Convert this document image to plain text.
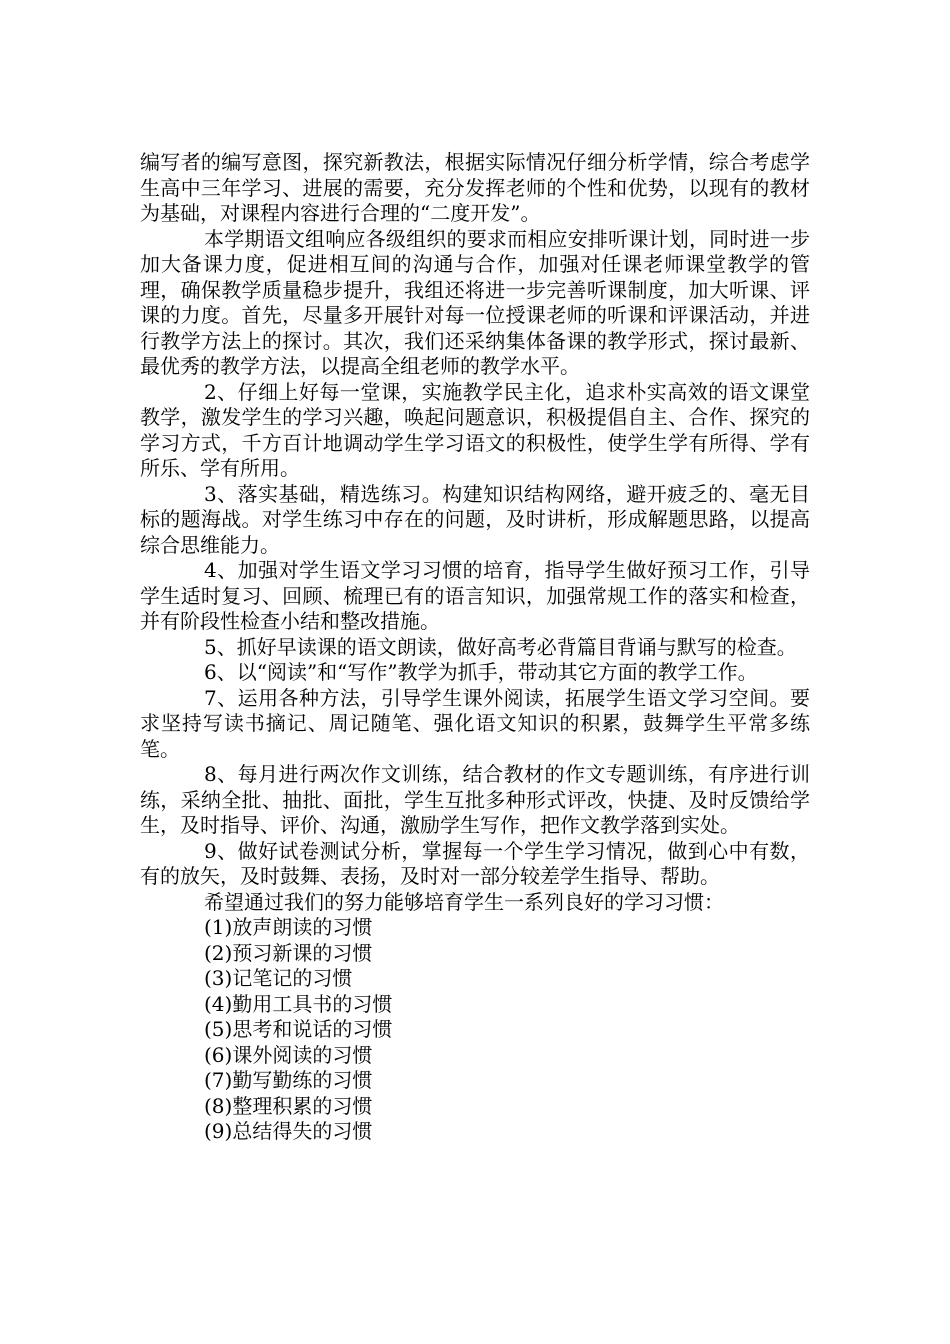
编写者的编写意图，探究新教法，根据实际情况仔细分析学情，综合考虑学生高中三年学习、进展的需要，充分发挥老师的个性和优势，以现有的教材为基础，对课程内容进行合理的“二度开发”。

本学期语文组响应各级组织的要求而相应安排听课计划，同时进一步加大备课力度，促进相互间的沟通与合作，加强对任课老师课堂教学的管理，确保教学质量稳步提升，我组还将进一步完善听课制度，加大听课、评课的力度。首先，尽量多开展针对每一位授课老师的听课和评课活动，并进行教学方法上的探讨。其次，我们还采纳集体备课的教学形式，探讨最新、最优秀的教学方法，以提高全组老师的教学水平。

2、仔细上好每一堂课，实施教学民主化，追求朴实高效的语文课堂教学，激发学生的学习兴趣，唤起问题意识，积极提倡自主、合作、探究的学习方式，千方百计地调动学生学习语文的积极性，使学生学有所得、学有所乐、学有所用。

3、落实基础，精选练习。构建知识结构网络，避开疲乏的、毫无目标的题海战。对学生练习中存在的问题，及时讲析，形成解题思路，以提高综合思维能力。

4、加强对学生语文学习习惯的培育，指导学生做好预习工作，引导学生适时复习、回顾、梳理已有的语言知识，加强常规工作的落实和检查，并有阶段性检查小结和整改措施。

5、抓好早读课的语文朗读，做好高考必背篇目背诵与默写的检查。

6、以“阅读”和“写作”教学为抓手，带动其它方面的教学工作。

7、运用各种方法，引导学生课外阅读，拓展学生语文学习空间。要求坚持写读书摘记、周记随笔、强化语文知识的积累，鼓舞学生平常多练笔。

8、每月进行两次作文训练，结合教材的作文专题训练，有序进行训练，采纳全批、抽批、面批，学生互批多种形式评改，快捷、及时反馈给学生，及时指导、评价、沟通，激励学生写作，把作文教学落到实处。

9、做好试卷测试分析，掌握每一个学生学习情况，做到心中有数，有的放矢，及时鼓舞、表扬，及时对一部分较差学生指导、帮助。

希望通过我们的努力能够培育学生一系列良好的学习习惯：

(1)放声朗读的习惯
(2)预习新课的习惯
(3)记笔记的习惯
(4)勤用工具书的习惯
(5)思考和说话的习惯
(6)课外阅读的习惯
(7)勤写勤练的习惯
(8)整理积累的习惯
(9)总结得失的习惯
